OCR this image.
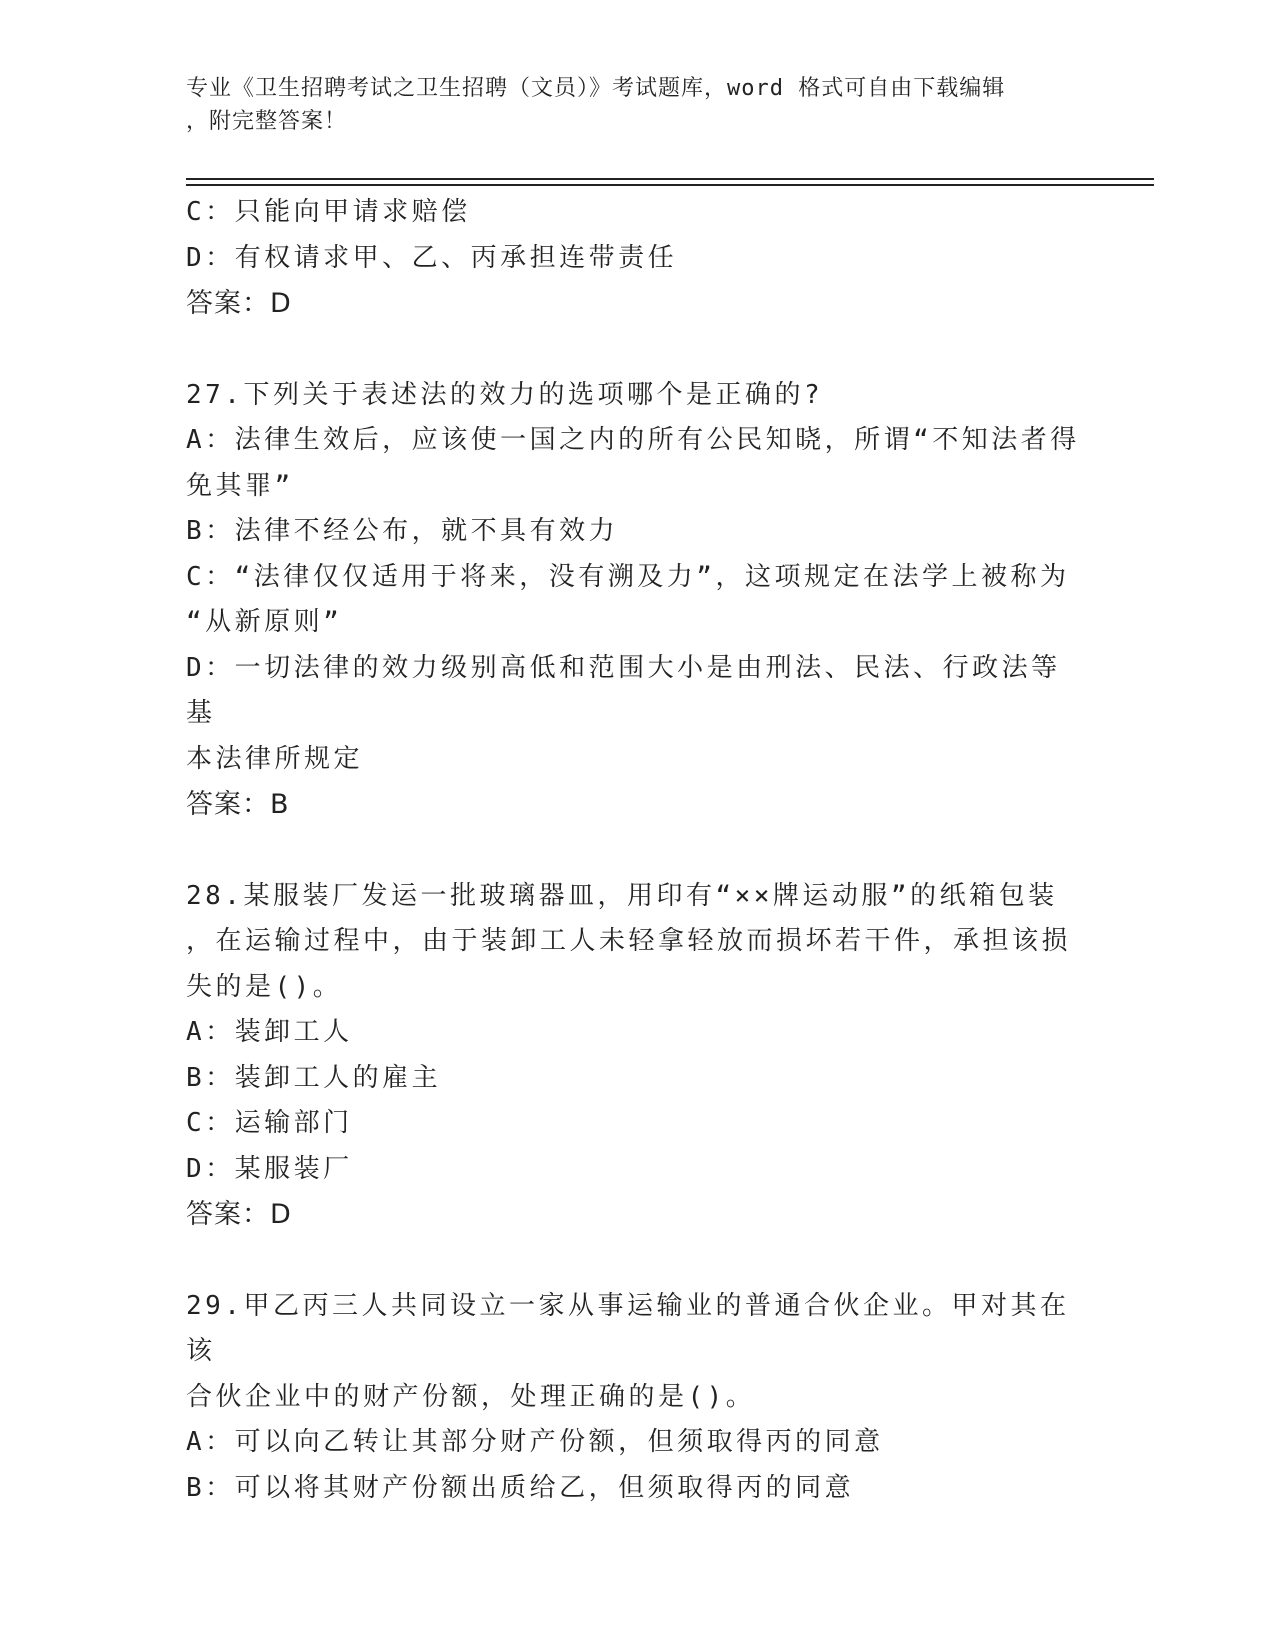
专业《卫生招聘考试之卫生招聘（文员）》考试题库，word 格式可自由下载编辑

，附完整答案！

C：只能向甲请求赔偿

D：有权请求甲、乙、丙承担连带责任

答案：D

27.下列关于表述法的效力的选项哪个是正确的?

A：法律生效后，应该使一国之内的所有公民知晓，所谓“不知法者得

免其罪”

B：法律不经公布，就不具有效力

C：“法律仅仅适用于将来，没有溯及力”，这项规定在法学上被称为

“从新原则”

D：一切法律的效力级别高低和范围大小是由刑法、民法、行政法等基

本法律所规定

答案：B

28.某服装厂发运一批玻璃器皿，用印有“××牌运动服”的纸箱包装

，在运输过程中，由于装卸工人未轻拿轻放而损坏若干件，承担该损

失的是()。

A：装卸工人

B：装卸工人的雇主

C：运输部门

D：某服装厂

答案：D

29.甲乙丙三人共同设立一家从事运输业的普通合伙企业。甲对其在该

合伙企业中的财产份额，处理正确的是()。

A：可以向乙转让其部分财产份额，但须取得丙的同意

B：可以将其财产份额出质给乙，但须取得丙的同意
